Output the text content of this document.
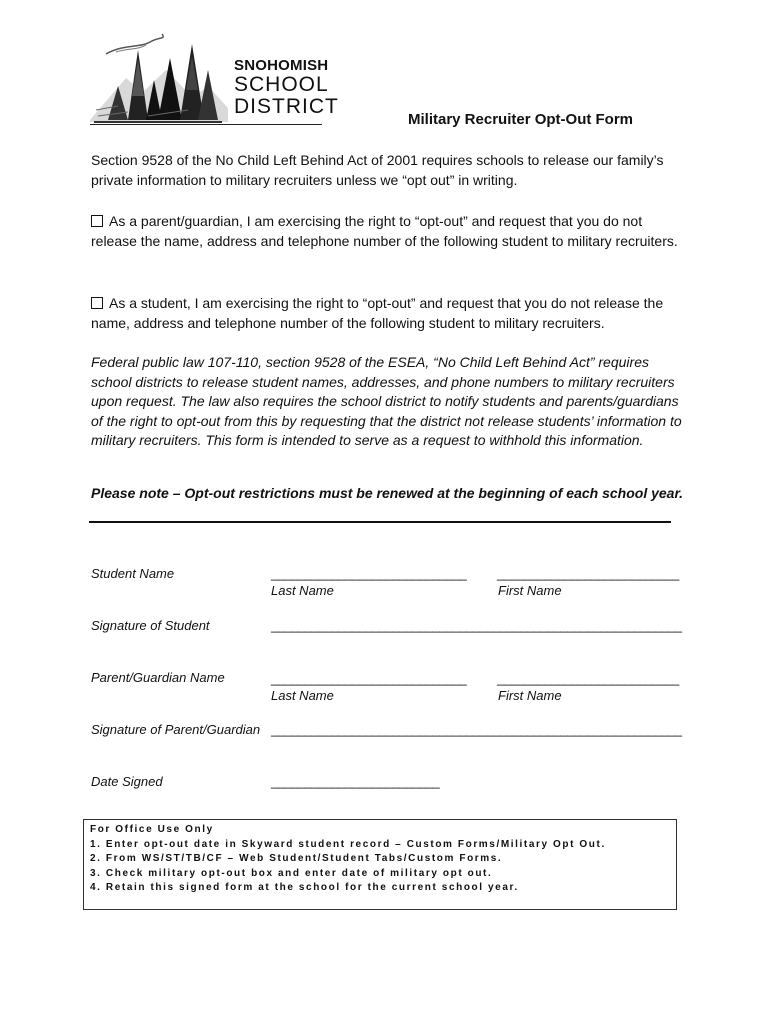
SNOHOMISH
SCHOOL
DISTRICT
Military Recruiter Opt-Out Form
Section 9528 of the No Child Left Behind Act of 2001 requires schools to release our family’s private information to military recruiters unless we “opt out” in writing.
As a parent/guardian, I am exercising the right to “opt-out” and request that you do not release the name, address and telephone number of the following student to military recruiters.
As a student, I am exercising the right to “opt-out” and request that you do not release the name, address and telephone number of the following student to military recruiters.
Federal public law 107-110, section 9528 of the ESEA, “No Child Left Behind Act” requires school districts to release student names, addresses, and phone numbers to military recruiters upon request. The law also requires the school district to notify students and parents/guardians of the right to opt-out from this by requesting that the district not release students’ information to military recruiters. This form is intended to serve as a request to withhold this information.
Please note – Opt-out restrictions must be renewed at the beginning of each school year.
Student Name	_____________________________ ___________________________
Last Name	First Name
Signature of Student	_____________________________________________________________
Parent/Guardian Name	_____________________________ ___________________________
Last Name	First Name
Signature of Parent/Guardian _____________________________________________________________
Date Signed	_________________________
For Office Use Only
1. Enter opt-out date in Skyward student record – Custom Forms/Military Opt Out.
2. From WS/ST/TB/CF – Web Student/Student Tabs/Custom Forms.
3. Check military opt-out box and enter date of military opt out.
4. Retain this signed form at the school for the current school year.
